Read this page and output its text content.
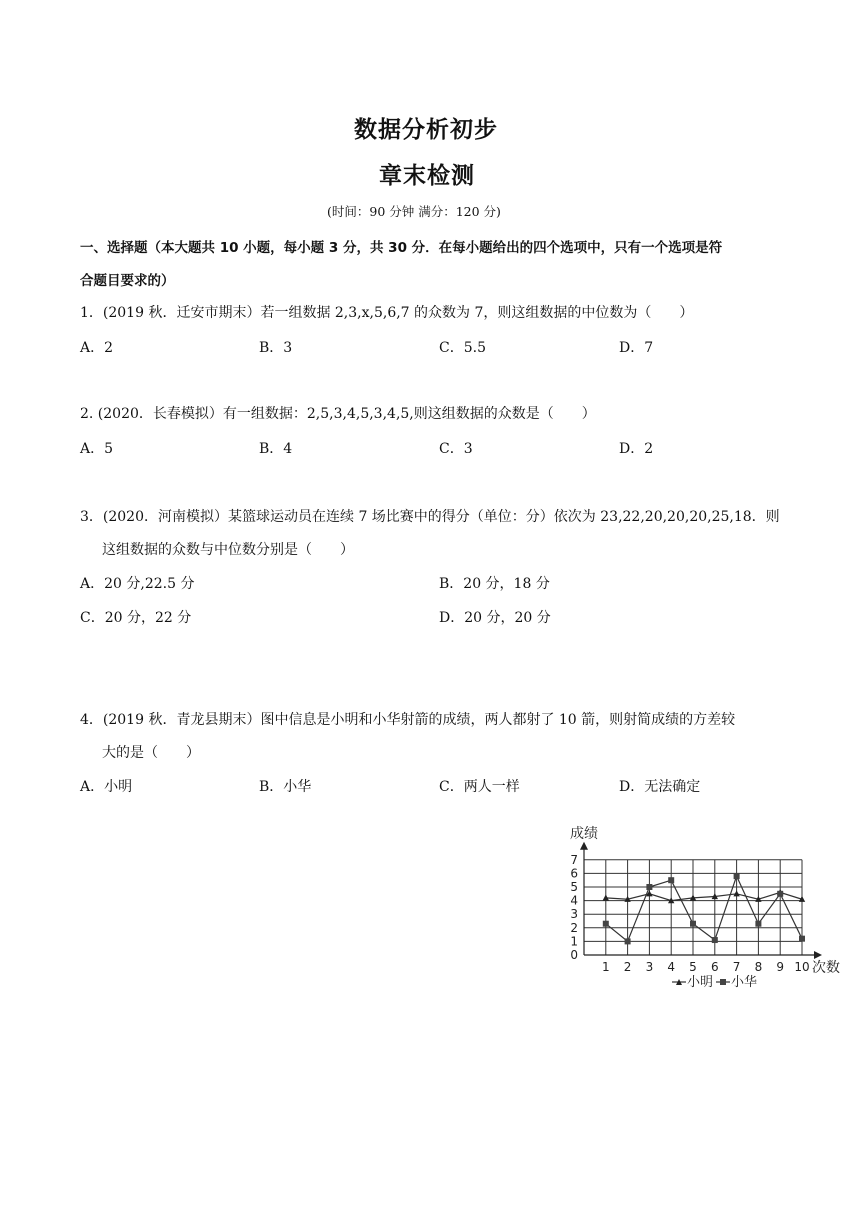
数据分析初步
章末检测
(时间：90 分钟 满分：120 分)
一、选择题（本大题共 10 小题，每小题 3 分，共 30 分．在每小题给出的四个选项中，只有一个选项是符
合题目要求的）
1．(2019 秋．迁安市期末）若一组数据 2,3,x,5,6,7 的众数为 7，则这组数据的中位数为（　　）
A．2	B．3	C．5.5	D．7
2. (2020．长春模拟）有一组数据：2,5,3,4,5,3,4,5,则这组数据的众数是（　　）
A．5	B．4	C．3	D．2
3．(2020．河南模拟）某篮球运动员在连续 7 场比赛中的得分（单位：分）依次为 23,22,20,20,20,25,18．则
这组数据的众数与中位数分别是（　　）
A．20 分,22.5 分	B．20 分，18 分
C．20 分，22 分	D．20 分，20 分
4．(2019 秋．青龙县期末）图中信息是小明和小华射箭的成绩，两人都射了 10 箭，则射简成绩的方差较
大的是（　　）
A．小明	B．小华	C．两人一样	D．无法确定
0
1
2
3
4
5
6
7
1 2 3 4 5 6 7 8 9 10
成绩
次数
小明 小华
